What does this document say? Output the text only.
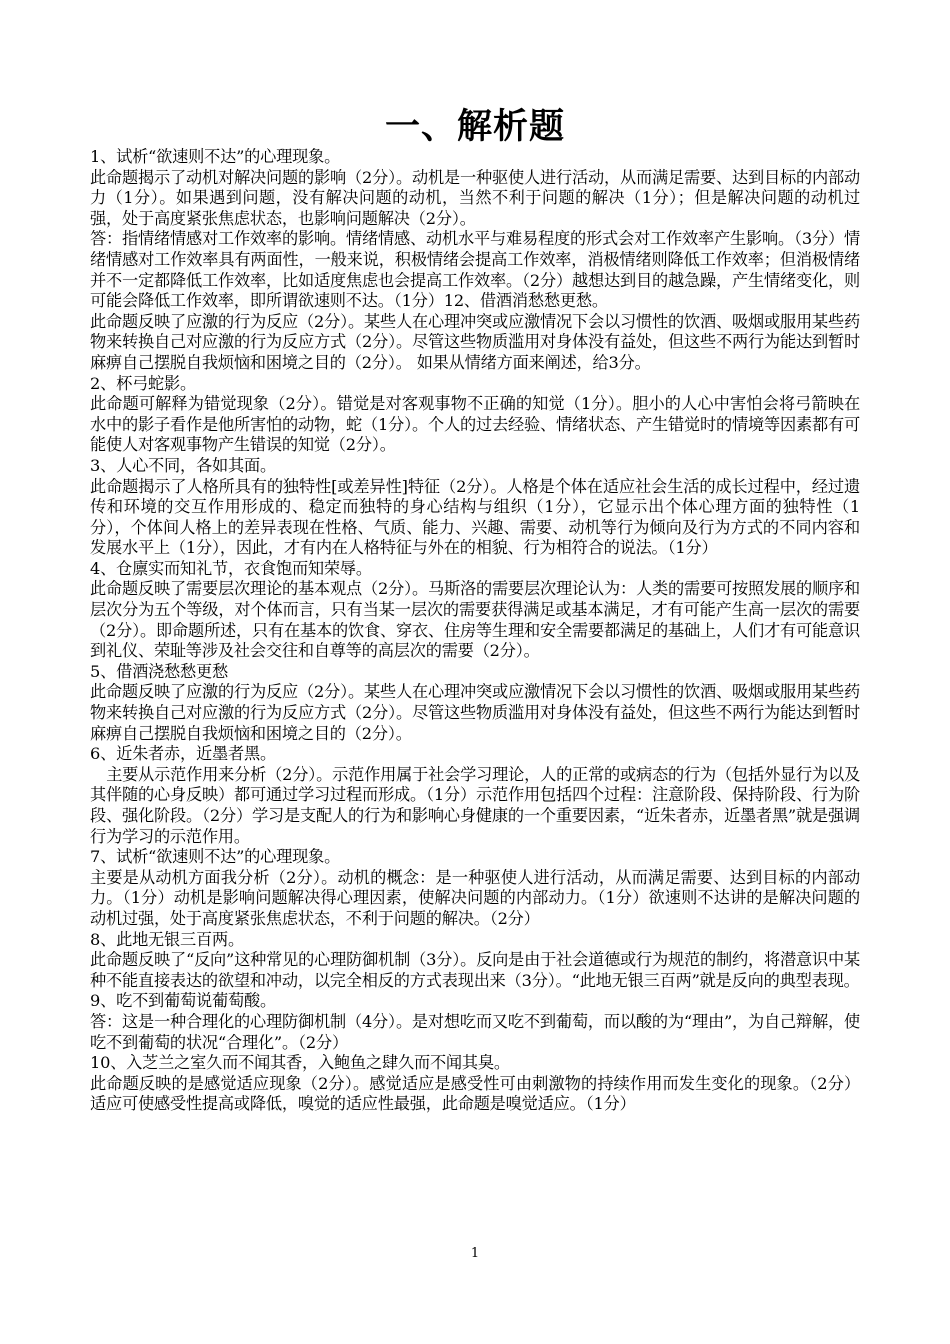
一、解析题

1、试析“欲速则不达”的心理现象。

此命题揭示了动机对解决问题的影响（2分）。动机是一种驱使人进行活动，从而满足需要、达到目标的内部动力（1分）。如果遇到问题，没有解决问题的动机，当然不利于问题的解决（1分）；但是解决问题的动机过强，处于高度紧张焦虑状态，也影响问题解决（2分）。

答：指情绪情感对工作效率的影响。情绪情感、动机水平与难易程度的形式会对工作效率产生影响。（3分）情绪情感对工作效率具有两面性，一般来说，积极情绪会提高工作效率，消极情绪则降低工作效率；但消极情绪并不一定都降低工作效率，比如适度焦虑也会提高工作效率。（2分）越想达到目的越急躁，产生情绪变化，则可能会降低工作效率，即所谓欲速则不达。（1分）12、借酒消愁愁更愁。

此命题反映了应激的行为反应（2分）。某些人在心理冲突或应激情况下会以习惯性的饮酒、吸烟或服用某些药物来转换自己对应激的行为反应方式（2分）。尽管这些物质滥用对身体没有益处，但这些不两行为能达到暂时麻痹自己摆脱自我烦恼和困境之目的（2分）。 如果从情绪方面来阐述，给3分。

2、杯弓蛇影。

此命题可解释为错觉现象（2分）。错觉是对客观事物不正确的知觉（1分）。胆小的人心中害怕会将弓箭映在水中的影子看作是他所害怕的动物，蛇（1分）。个人的过去经验、情绪状态、产生错觉时的情境等因素都有可能使人对客观事物产生错误的知觉（2分）。

3、人心不同，各如其面。

此命题揭示了人格所具有的独特性[或差异性]特征（2分）。人格是个体在适应社会生活的成长过程中，经过遗传和环境的交互作用形成的、稳定而独特的身心结构与组织（1分），它显示出个体心理方面的独特性（1分），个体间人格上的差异表现在性格、气质、能力、兴趣、需要、动机等行为倾向及行为方式的不同内容和发展水平上（1分），因此，才有内在人格特征与外在的相貌、行为相符合的说法。（1分）

4、仓廪实而知礼节，衣食饱而知荣辱。

此命题反映了需要层次理论的基本观点（2分）。马斯洛的需要层次理论认为：人类的需要可按照发展的顺序和层次分为五个等级，对个体而言，只有当某一层次的需要获得满足或基本满足，才有可能产生高一层次的需要（2分）。即命题所述，只有在基本的饮食、穿衣、住房等生理和安全需要都满足的基础上，人们才有可能意识到礼仪、荣耻等涉及社会交往和自尊等的高层次的需要（2分）。

5、借酒浇愁愁更愁

此命题反映了应激的行为反应（2分）。某些人在心理冲突或应激情况下会以习惯性的饮酒、吸烟或服用某些药物来转换自己对应激的行为反应方式（2分）。尽管这些物质滥用对身体没有益处，但这些不两行为能达到暂时麻痹自己摆脱自我烦恼和困境之目的（2分）。

6、近朱者赤，近墨者黑。

主要从示范作用来分析（2分）。示范作用属于社会学习理论，人的正常的或病态的行为（包括外显行为以及其伴随的心身反映）都可通过学习过程而形成。（1分）示范作用包括四个过程：注意阶段、保持阶段、行为阶段、强化阶段。（2分）学习是支配人的行为和影响心身健康的一个重要因素，“近朱者赤，近墨者黑”就是强调行为学习的示范作用。

7、试析“欲速则不达”的心理现象。

主要是从动机方面我分析（2分）。动机的概念：是一种驱使人进行活动，从而满足需要、达到目标的内部动力。（1分）动机是影响问题解决得心理因素，使解决问题的内部动力。（1分）欲速则不达讲的是解决问题的动机过强，处于高度紧张焦虑状态，不利于问题的解决。（2分）

8、此地无银三百两。

此命题反映了“反向”这种常见的心理防御机制（3分）。反向是由于社会道德或行为规范的制约，将潜意识中某种不能直接表达的欲望和冲动，以完全相反的方式表现出来（3分）。“此地无银三百两”就是反向的典型表现。

9、吃不到葡萄说葡萄酸。

答：这是一种合理化的心理防御机制（4分）。是对想吃而又吃不到葡萄，而以酸的为“理由”，为自己辩解，使吃不到葡萄的状况“合理化”。（2分）

10、入芝兰之室久而不闻其香，入鲍鱼之肆久而不闻其臭。

此命题反映的是感觉适应现象（2分）。感觉适应是感受性可由刺激物的持续作用而发生变化的现象。（2分）适应可使感受性提高或降低，嗅觉的适应性最强，此命题是嗅觉适应。（1分）

1
